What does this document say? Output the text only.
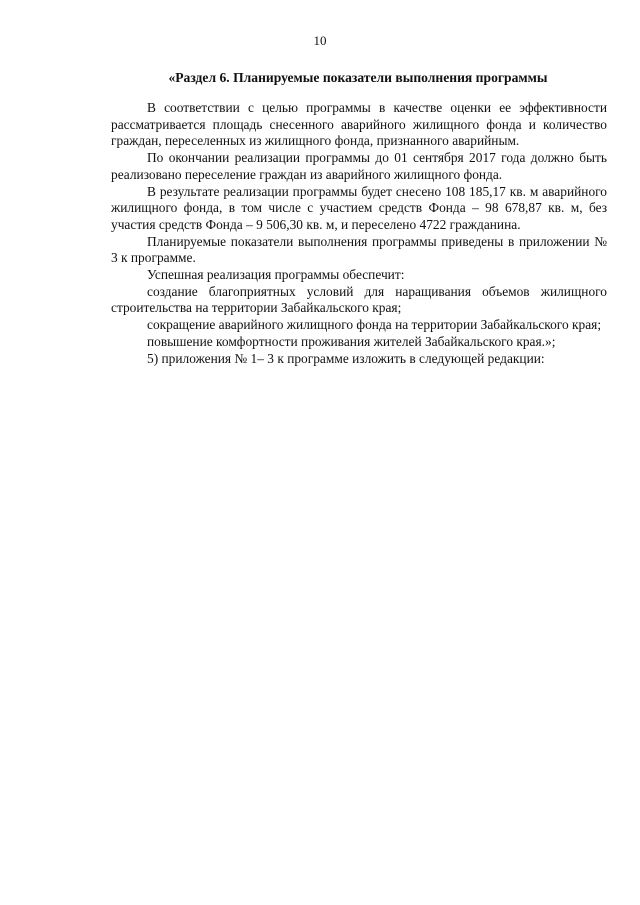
10
«Раздел 6. Планируемые показатели выполнения программы

В соответствии с целью программы в качестве оценки ее эффективности рассматривается площадь снесенного аварийного жилищного фонда и количество граждан, переселенных из жилищного фонда, признанного аварийным.

По окончании реализации программы до 01 сентября 2017 года должно быть реализовано переселение граждан из аварийного жилищного фонда.

В результате реализации программы будет снесено 108 185,17 кв. м аварийного жилищного фонда, в том числе с участием средств Фонда – 98 678,87 кв. м, без участия средств Фонда – 9 506,30 кв. м, и переселено 4722 гражданина.

Планируемые показатели выполнения программы приведены в приложении № 3 к программе.

Успешная реализация программы обеспечит:

создание благоприятных условий для наращивания объемов жилищного строительства на территории Забайкальского края;

сокращение аварийного жилищного фонда на территории Забайкальского края;

повышение комфортности проживания жителей Забайкальского края.»;

5) приложения № 1– 3 к программе изложить в следующей редакции:
